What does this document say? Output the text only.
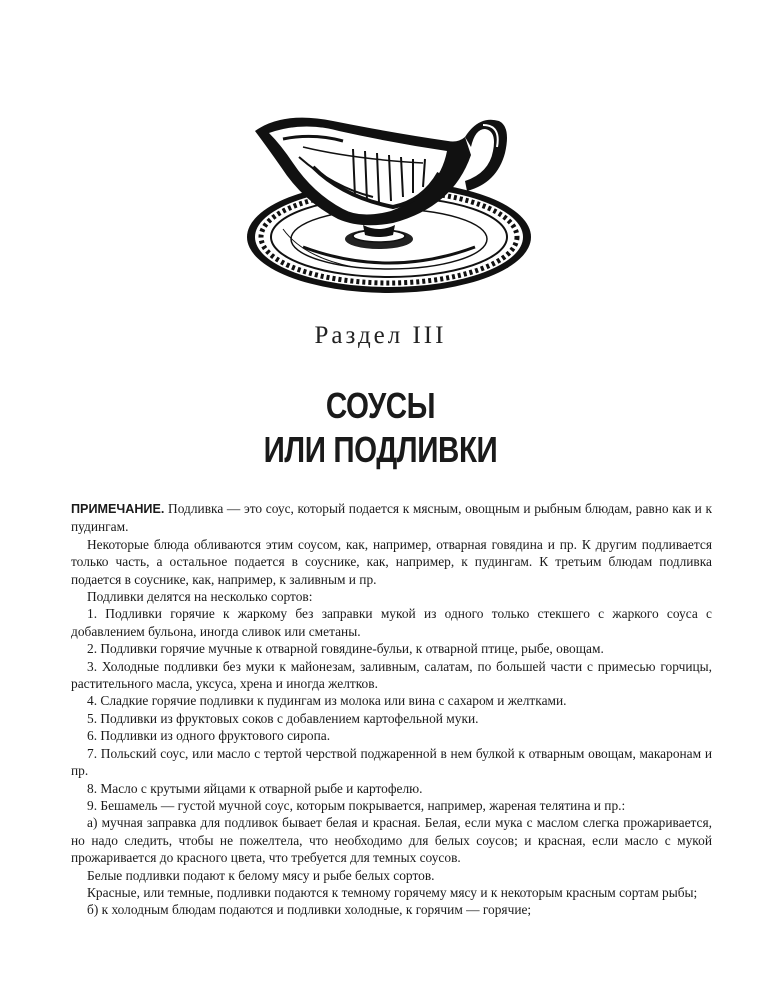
Раздел III
СОУСЫ
ИЛИ ПОДЛИВКИ

ПРИМЕЧАНИЕ. Подливка — это соус, который подается к мясным, овощным и рыбным блюдам, равно как и к пудингам.

Некоторые блюда обливаются этим соусом, как, например, отварная говядина и пр. К другим подливается только часть, а остальное подается в соуснике, как, например, к пудингам. К третьим блюдам подливка подается в соуснике, как, например, к заливным и пр.

Подливки делятся на несколько сортов:

1. Подливки горячие к жаркому без заправки мукой из одного только стекшего с жаркого соуса с добавлением бульона, иногда сливок или сметаны.

2. Подливки горячие мучные к отварной говядине-бульи, к отварной птице, рыбе, овощам.

3. Холодные подливки без муки к майонезам, заливным, салатам, по большей части с примесью горчицы, растительного масла, уксуса, хрена и иногда желтков.

4. Сладкие горячие подливки к пудингам из молока или вина с сахаром и желтками.

5. Подливки из фруктовых соков с добавлением картофельной муки.

6. Подливки из одного фруктового сиропа.

7. Польский соус, или масло с тертой черствой поджаренной в нем булкой к отварным овощам, макаронам и пр.

8. Масло с крутыми яйцами к отварной рыбе и картофелю.

9. Бешамель — густой мучной соус, которым покрывается, например, жареная телятина и пр.:

а) мучная заправка для подливок бывает белая и красная. Белая, если мука с маслом слегка прожаривается, но надо следить, чтобы не пожелтела, что необходимо для белых соусов; и красная, если масло с мукой прожаривается до красного цвета, что требуется для темных соусов.

Белые подливки подают к белому мясу и рыбе белых сортов.

Красные, или темные, подливки подаются к темному горячему мясу и к некоторым красным сортам рыбы;

б) к холодным блюдам подаются и подливки холодные, к горячим — горячие;
